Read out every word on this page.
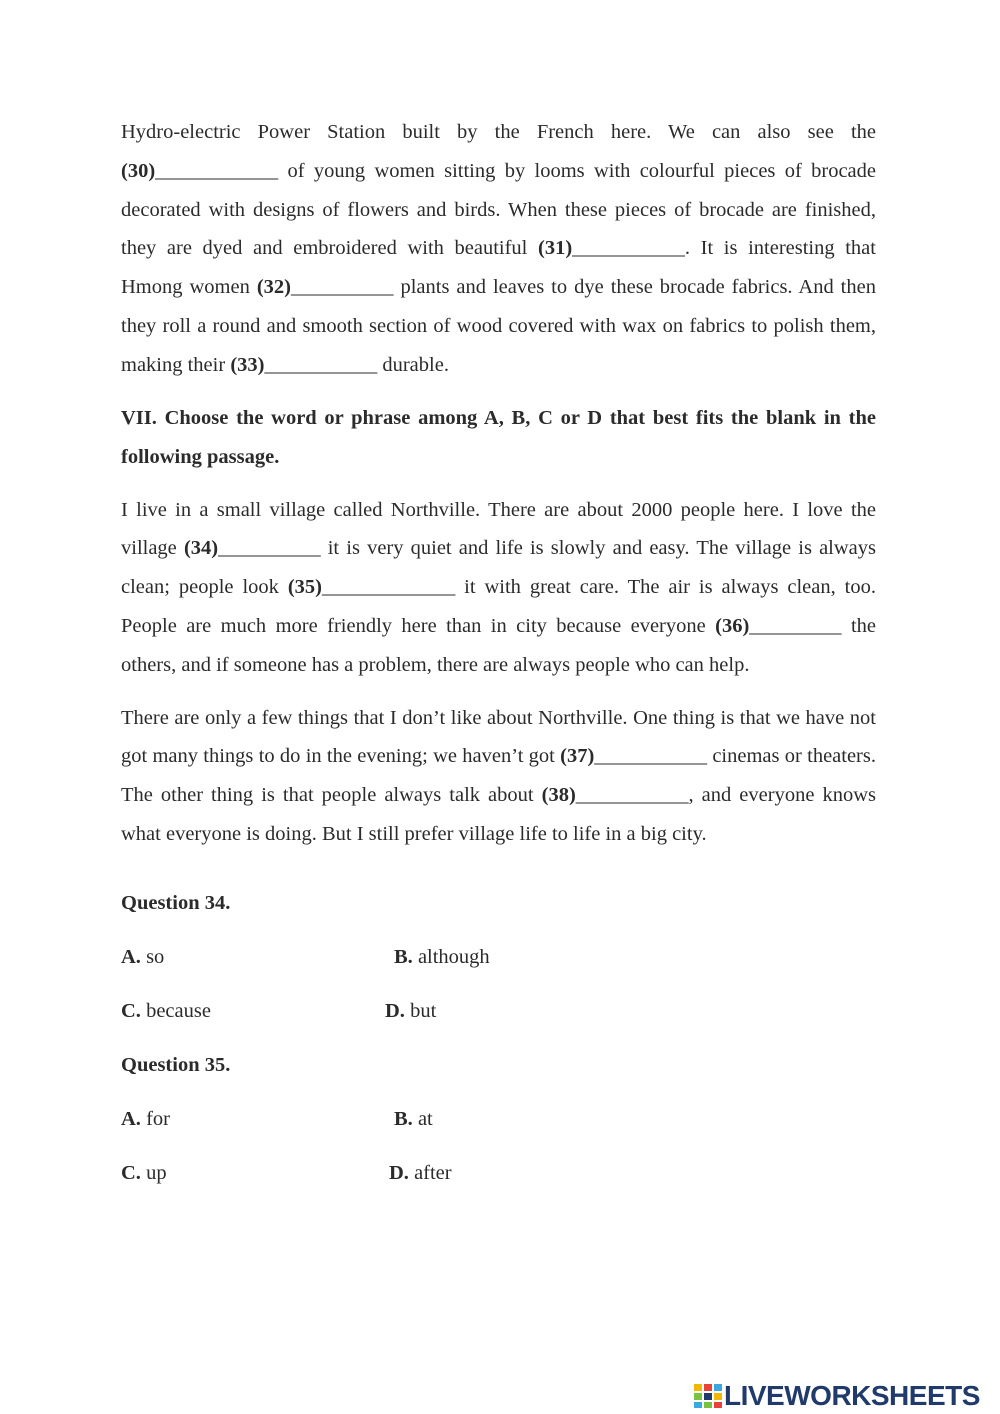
Hydro-electric Power Station built by the French here. We can also see the (30)____________ of young women sitting by looms with colourful pieces of brocade decorated with designs of flowers and birds. When these pieces of brocade are finished, they are dyed and embroidered with beautiful (31)___________. It is interesting that Hmong women (32)__________ plants and leaves to dye these brocade fabrics. And then they roll a round and smooth section of wood covered with wax on fabrics to polish them, making their (33)___________ durable.

VII. Choose the word or phrase among A, B, C or D that best fits the blank in the following passage.

I live in a small village called Northville. There are about 2000 people here. I love the village (34)__________ it is very quiet and life is slowly and easy. The village is always clean; people look (35)_____________ it with great care. The air is always clean, too. People are much more friendly here than in city because everyone (36)_________ the others, and if someone has a problem, there are always people who can help.

There are only a few things that I don’t like about Northville. One thing is that we have not got many things to do in the evening; we haven’t got (37)___________ cinemas or theaters. The other thing is that people always talk about (38)___________, and everyone knows what everyone is doing. But I still prefer village life to life in a big city.

Question 34.

A. so	B. although
C. because	D. but

Question 35.

A. for	B. at
C. up	D. after
LIVEWORKSHEETS
